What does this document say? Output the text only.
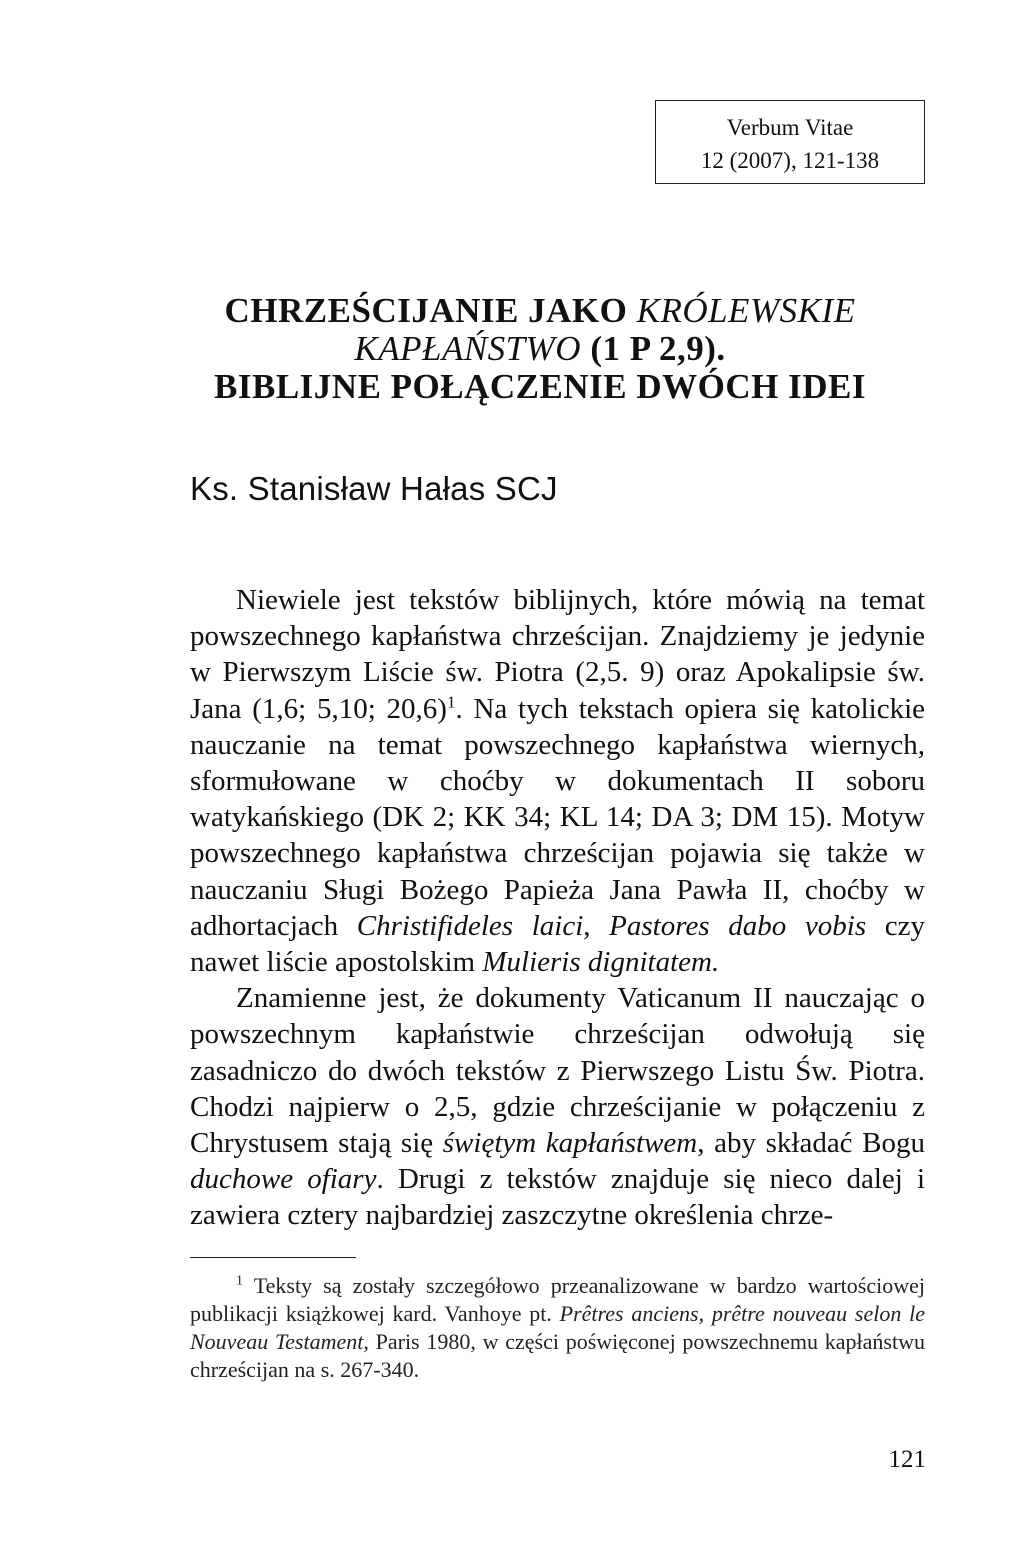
Verbum Vitae
12 (2007), 121-138
CHRZEŚCIJANIE JAKO KRÓLEWSKIE
KAPŁAŃSTWO (1 P 2,9).
BIBLIJNE POŁĄCZENIE DWÓCH IDEI
Ks. Stanisław Hałas SCJ

Niewiele jest tekstów biblijnych, które mówią na temat powszechnego kapłaństwa chrześcijan. Znajdziemy je jedynie w Pierwszym Liście św. Piotra (2,5. 9) oraz Apokalipsie św. Jana (1,6; 5,10; 20,6)$^1$. Na tych tekstach opiera się katolickie nauczanie na temat powszechnego kapłaństwa wiernych, sformułowane w choćby w dokumentach II soboru watykańskiego (DK 2; KK 34; KL 14; DA 3; DM 15). Motyw powszechnego kapłaństwa chrześcijan pojawia się także w nauczaniu Sługi Bożego Papieża Jana Pawła II, choćby w adhortacjach Christifideles laici, Pastores dabo vobis czy nawet liście apostolskim Mulieris dignitatem.

Znamienne jest, że dokumenty Vaticanum II nauczając o powszechnym kapłaństwie chrześcijan odwołują się zasadniczo do dwóch tekstów z Pierwszego Listu Św. Piotra. Chodzi najpierw o 2,5, gdzie chrześcijanie w połączeniu z Chrystusem stają się świętym kapłaństwem, aby składać Bogu duchowe ofiary. Drugi z tekstów znajduje się nieco dalej i zawiera cztery najbardziej zaszczytne określenia chrze-

$^1$ Teksty są zostały szczegółowo przeanalizowane w bardzo wartościowej publikacji książkowej kard. Vanhoye pt. Prêtres anciens, prêtre nouveau selon le Nouveau Testament, Paris 1980, w części poświęconej powszechnemu kapłaństwu chrześcijan na s. 267-340.

121
